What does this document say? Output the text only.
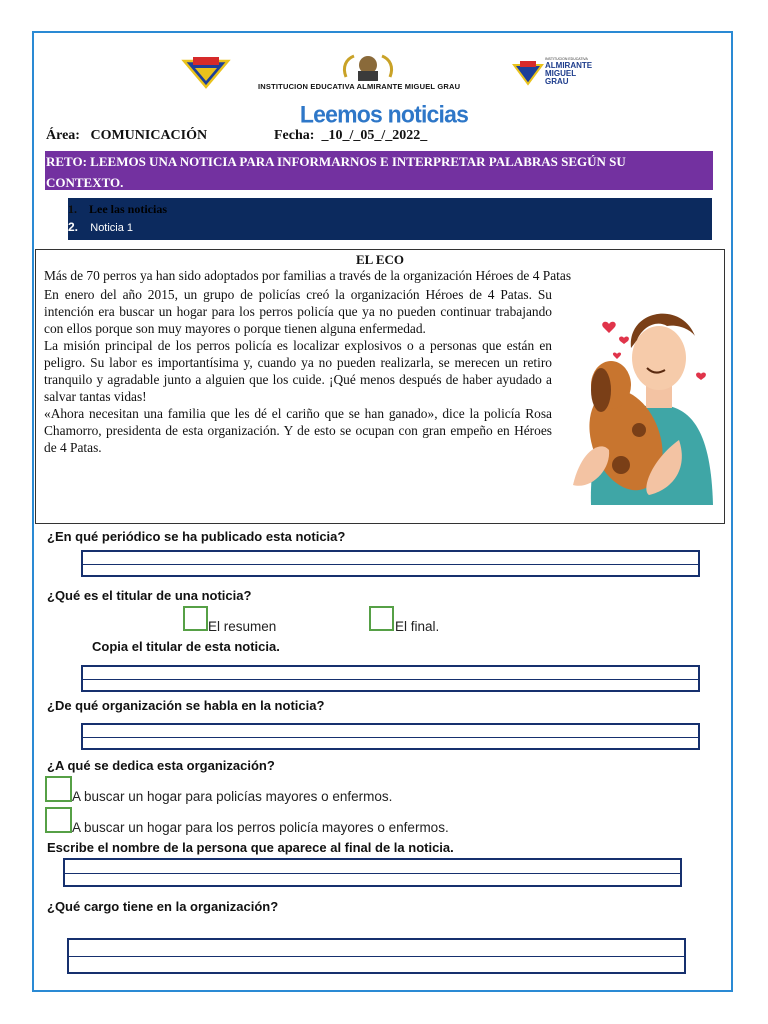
INSTITUCION EDUCATIVA ALMIRANTE MIGUEL GRAU
INSTITUCION EDUCATIVA
ALMIRANTE
MIGUEL
GRAU
Leemos noticias
Área: COMUNICACIÓN	Fecha: _10_/_05_/_2022_
RETO: LEEMOS UNA NOTICIA PARA INFORMARNOS E INTERPRETAR PALABRAS SEGÚN SU
CONTEXTO.
1. Lee las noticias
2. Noticia 1
EL ECO
Más de 70 perros ya han sido adoptados por familias a través de la organización Héroes de 4 Patas

En enero del año 2015, un grupo de policías creó la organización Héroes de 4 Patas. Su intención era buscar un hogar para los perros policía que ya no pueden continuar trabajando con ellos porque son muy mayores o porque tienen alguna enfermedad.

La misión principal de los perros policía es localizar explosivos o a personas que están en peligro. Su labor es importantísima y, cuando ya no pueden realizarla, se merecen un retiro tranquilo y agradable junto a alguien que los cuide. ¡Qué menos después de haber ayudado a salvar tantas vidas!

«Ahora necesitan una familia que les dé el cariño que se han ganado», dice la policía Rosa Chamorro, presidenta de esta organización. Y de esto se ocupan con gran empeño en Héroes de 4 Patas.

¿En qué periódico se ha publicado esta noticia?
¿Qué es el titular de una noticia?
El resumen	El final.
Copia el titular de esta noticia.
¿De qué organización se habla en la noticia?
¿A qué se dedica esta organización?
A buscar un hogar para policías mayores o enfermos.
A buscar un hogar para los perros policía mayores o enfermos.
Escribe el nombre de la persona que aparece al final de la noticia.
¿Qué cargo tiene en la organización?
